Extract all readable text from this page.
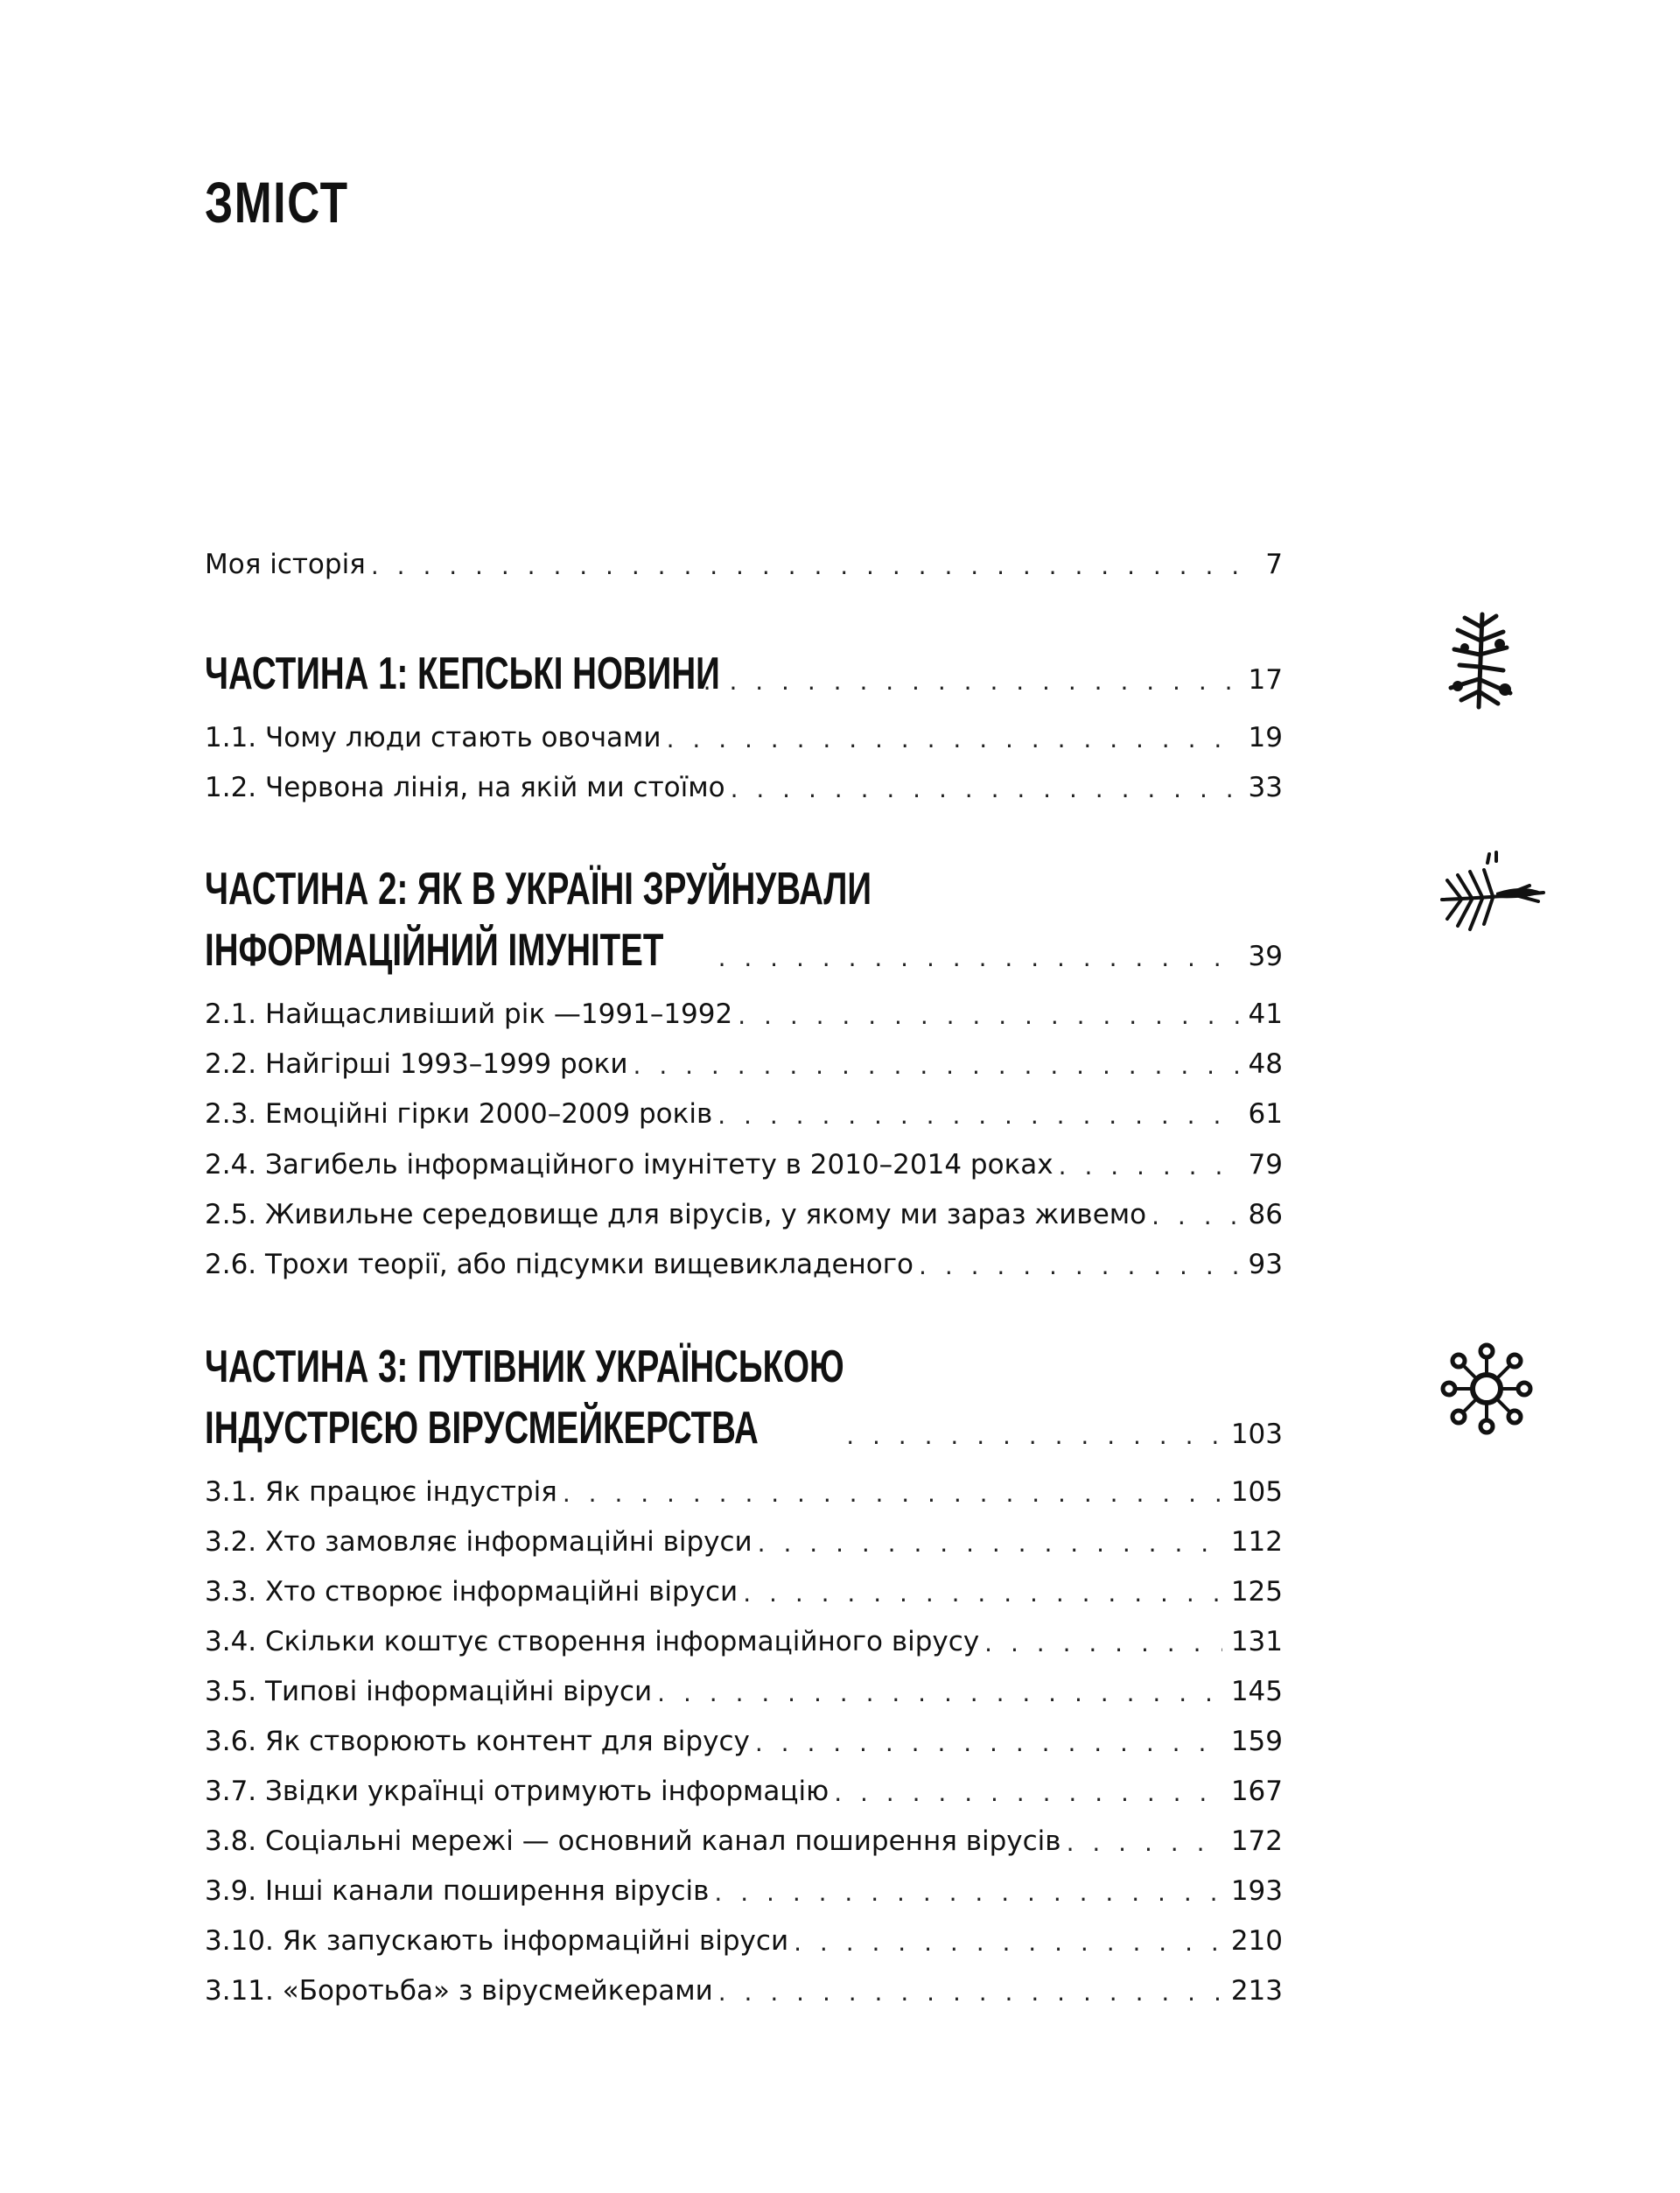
ЗМІСТ
Моя історія . . .	7
ЧАСТИНА 1: КЕПСЬКІ НОВИНИ . . .	17
1.1. Чому люди стають овочами . . .	19
1.2. Червона лінія, на якій ми стоїмо . . .	33
ЧАСТИНА 2: ЯК В УКРАЇНІ ЗРУЙНУВАЛИ
ІНФОРМАЦІЙНИЙ ІМУНІТЕТ . . .	39
2.1. Найщасливіший рік —1991–1992 . . .	41
2.2. Найгірші 1993–1999 роки . . .	48
2.3. Емоційні гірки 2000–2009 років . . .	61
2.4. Загибель інформаційного імунітету в 2010–2014 роках . . .	79
2.5. Живильне середовище для вірусів, у якому ми зараз живемо . . .	86
2.6. Трохи теорії, або підсумки вищевикладеного . . .	93
ЧАСТИНА 3: ПУТІВНИК УКРАЇНСЬКОЮ
ІНДУСТРІЄЮ ВІРУСМЕЙКЕРСТВА . . .	103
3.1. Як працює індустрія . . .	105
3.2. Хто замовляє інформаційні віруси . . .	112
3.3. Хто створює інформаційні віруси . . .	125
3.4. Скільки коштує створення інформаційного вірусу . . .	131
3.5. Типові інформаційні віруси . . .	145
3.6. Як створюють контент для вірусу . . .	159
3.7. Звідки українці отримують інформацію . . .	167
3.8. Соціальні мережі — основний канал поширення вірусів . . .	172
3.9. Інші канали поширення вірусів . . .	193
3.10. Як запускають інформаційні віруси . . .	210
3.11. «Боротьба» з вірусмейкерами . . .	213
